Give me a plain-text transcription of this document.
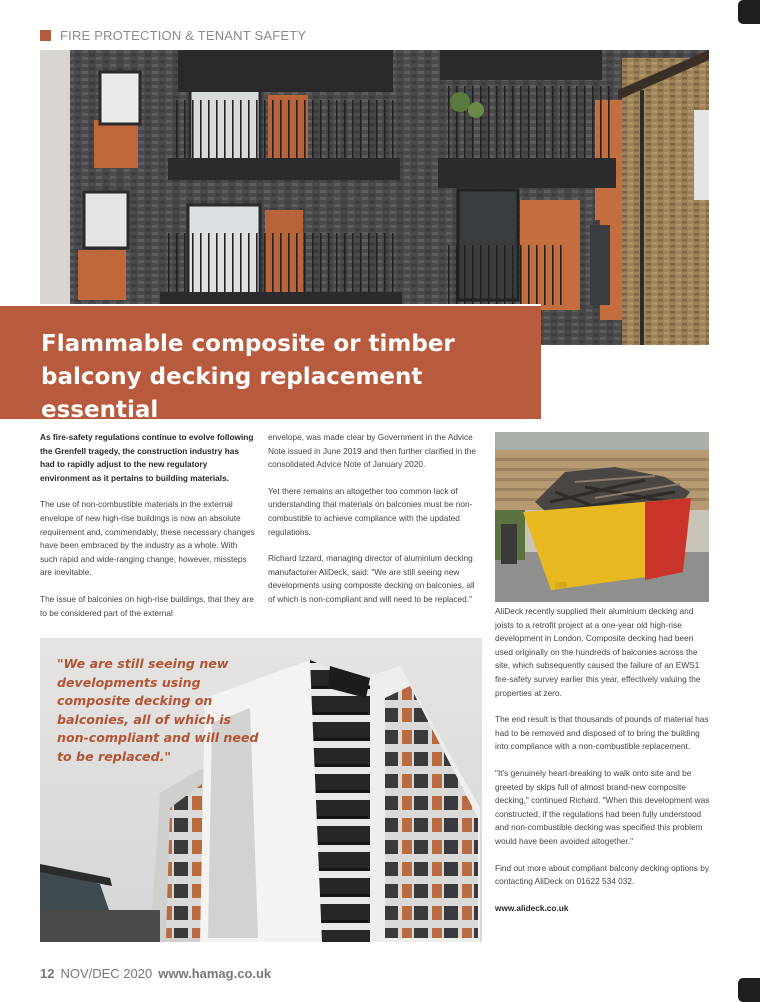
FIRE PROTECTION & TENANT SAFETY
Flammable composite or timber balcony decking replacement essential

As fire-safety regulations continue to evolve following the Grenfell tragedy, the construction industry has had to rapidly adjust to the new regulatory environment as it pertains to building materials.

The use of non-combustible materials in the external envelope of new high-rise buildings is now an absolute requirement and, commendably, these necessary changes have been embraced by the industry as a whole. With such rapid and wide-ranging change, however, missteps are inevitable.

The issue of balconies on high-rise buildings, that they are to be considered part of the external

envelope, was made clear by Government in the Advice Note issued in June 2019 and then further clarified in the consolidated Advice Note of January 2020.

Yet there remains an altogether too common lack of understanding that materials on balconies must be non-combustible to achieve compliance with the updated regulations.

Richard Izzard, managing director of aluminium decking manufacturer AliDeck, said: "We are still seeing new developments using composite decking on balconies, all of which is non-compliant and will need to be replaced."

AliDeck recently supplied their aluminium decking and joists to a retrofit project at a one-year old high-rise development in London. Composite decking had been used originally on the hundreds of balconies across the site, which subsequently caused the failure of an EWS1 fire-safety survey earlier this year, effectively valuing the properties at zero.

The end result is that thousands of pounds of material has had to be removed and disposed of to bring the building into compliance with a non-combustible replacement.

"It's genuinely heart-breaking to walk onto site and be greeted by skips full of almost brand-new composite decking," continued Richard. "When this development was constructed, if the regulations had been fully understood and non-combustible decking was specified this problem would have been avoided altogether."

Find out more about compliant balcony decking options by contacting AliDeck on 01622 534 032.

www.alideck.co.uk

"We are still seeing new developments using composite decking on balconies, all of which is non-compliant and will need to be replaced."

12 NOV/DEC 2020 www.hamag.co.uk
